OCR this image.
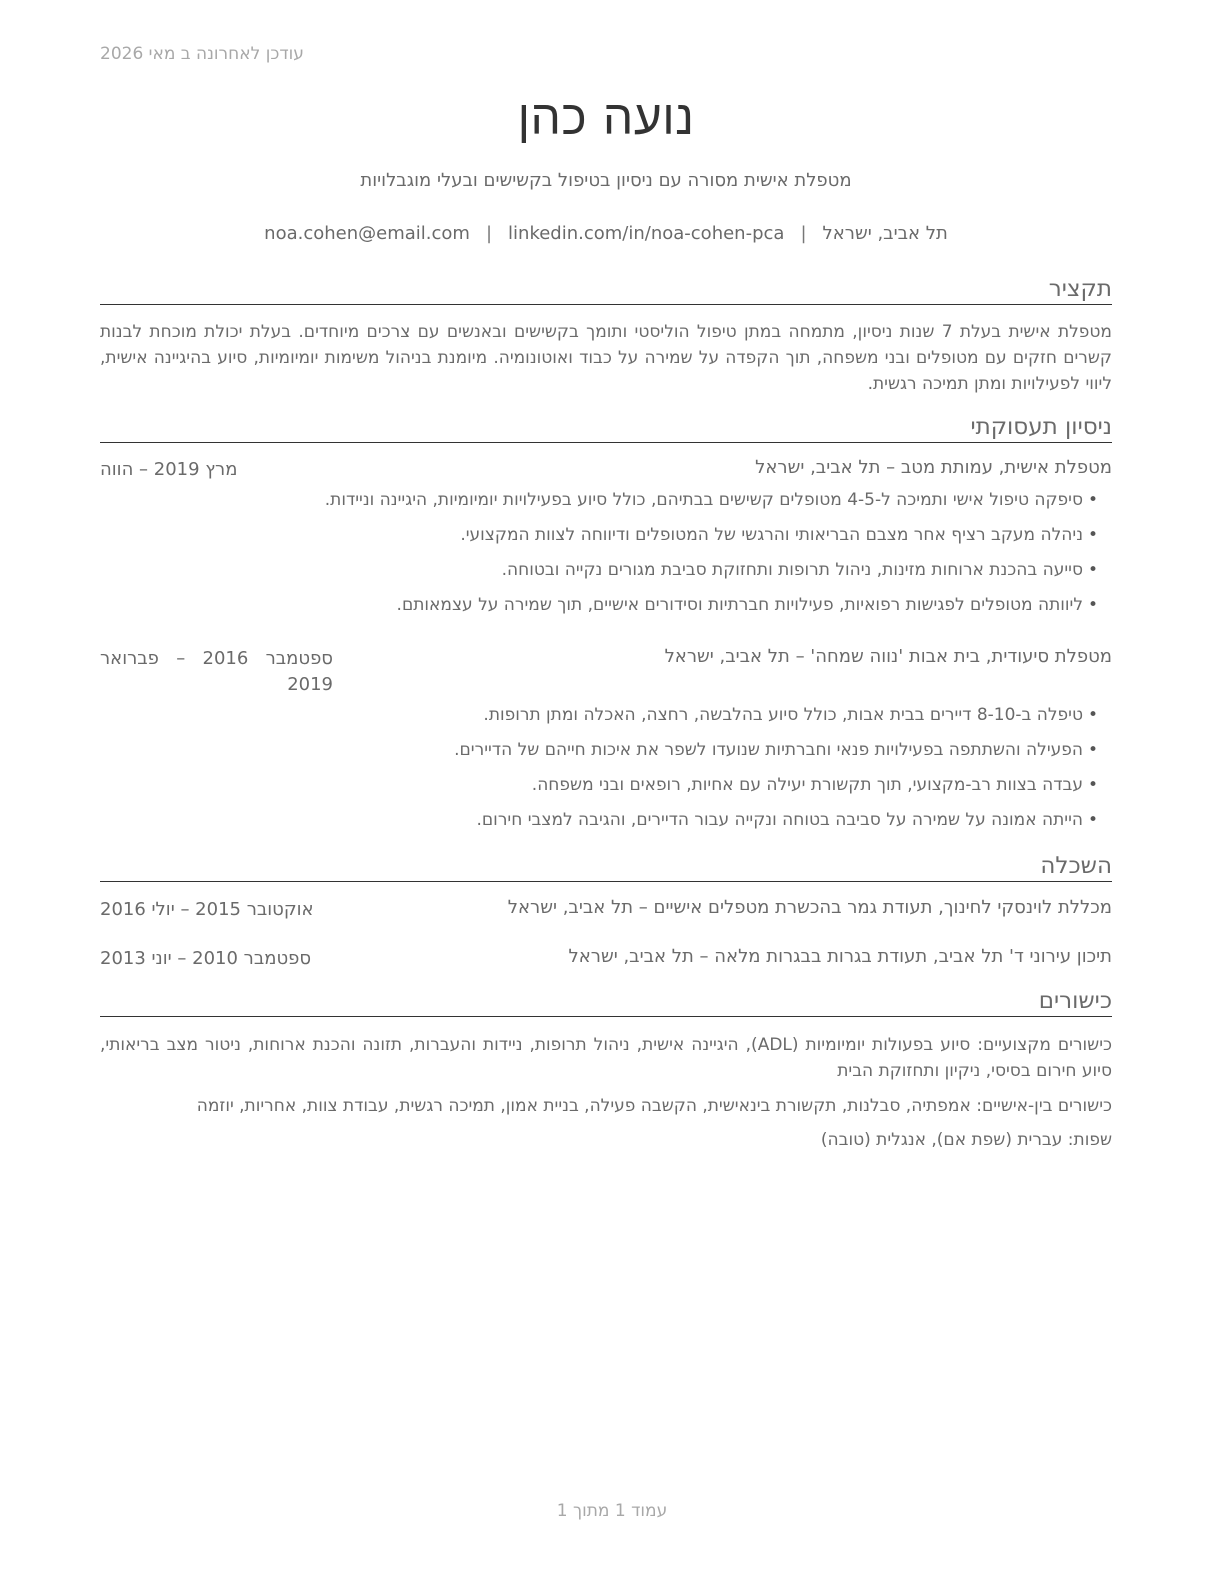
עודכן לאחרונה ב מאי 2026
נועה כהן
מטפלת אישית מסורה עם ניסיון בטיפול בקשישים ובעלי מוגבלויות
תל אביב, ישראל|noa.cohen@email.com | linkedin.com/in/noa-cohen-pca
תקציר
מטפלת אישית בעלת 7 שנות ניסיון, מתמחה במתן טיפול הוליסטי ותומך בקשישים ובאנשים עם צרכים מיוחדים. בעלת יכולת מוכחת לבנות קשרים חזקים עם מטופלים ובני משפחה, תוך הקפדה על שמירה על כבוד ואוטונומיה. מיומנת בניהול משימות יומיומיות, סיוע בהיגיינה אישית, ליווי לפעילויות ומתן תמיכה רגשית.
ניסיון תעסוקתי
מטפלת אישית, עמותת מטב – תל אביב, ישראל
מרץ 2019 – הווה
• סיפקה טיפול אישי ותמיכה ל-4-5 מטופלים קשישים בבתיהם, כולל סיוע בפעילויות יומיומיות, היגיינה וניידות.
• ניהלה מעקב רציף אחר מצבם הבריאותי והרגשי של המטופלים ודיווחה לצוות המקצועי.
• סייעה בהכנת ארוחות מזינות, ניהול תרופות ותחזוקת סביבת מגורים נקייה ובטוחה.
• ליוותה מטופלים לפגישות רפואיות, פעילויות חברתיות וסידורים אישיים, תוך שמירה על עצמאותם.
מטפלת סיעודית, בית אבות 'נווה שמחה' – תל אביב, ישראל
ספטמבר 2016 – פברואר 2019
• טיפלה ב-8-10 דיירים בבית אבות, כולל סיוע בהלבשה, רחצה, האכלה ומתן תרופות.
• הפעילה והשתתפה בפעילויות פנאי וחברתיות שנועדו לשפר את איכות חייהם של הדיירים.
• עבדה בצוות רב-מקצועי, תוך תקשורת יעילה עם אחיות, רופאים ובני משפחה.
• הייתה אמונה על שמירה על סביבה בטוחה ונקייה עבור הדיירים, והגיבה למצבי חירום.
השכלה
מכללת לוינסקי לחינוך, תעודת גמר בהכשרת מטפלים אישיים – תל אביב, ישראל
אוקטובר 2015 – יולי 2016
תיכון עירוני ד' תל אביב, תעודת בגרות בבגרות מלאה – תל אביב, ישראל
ספטמבר 2010 – יוני 2013
כישורים
כישורים מקצועיים: סיוע בפעולות יומיומיות (ADL), היגיינה אישית, ניהול תרופות, ניידות והעברות, תזונה והכנת ארוחות, ניטור מצב בריאותי, סיוע חירום בסיסי, ניקיון ותחזוקת הבית
כישורים בין-אישיים: אמפתיה, סבלנות, תקשורת בינאישית, הקשבה פעילה, בניית אמון, תמיכה רגשית, עבודת צוות, אחריות, יוזמה
שפות: עברית (שפת אם), אנגלית (טובה)
עמוד 1 מתוך 1
